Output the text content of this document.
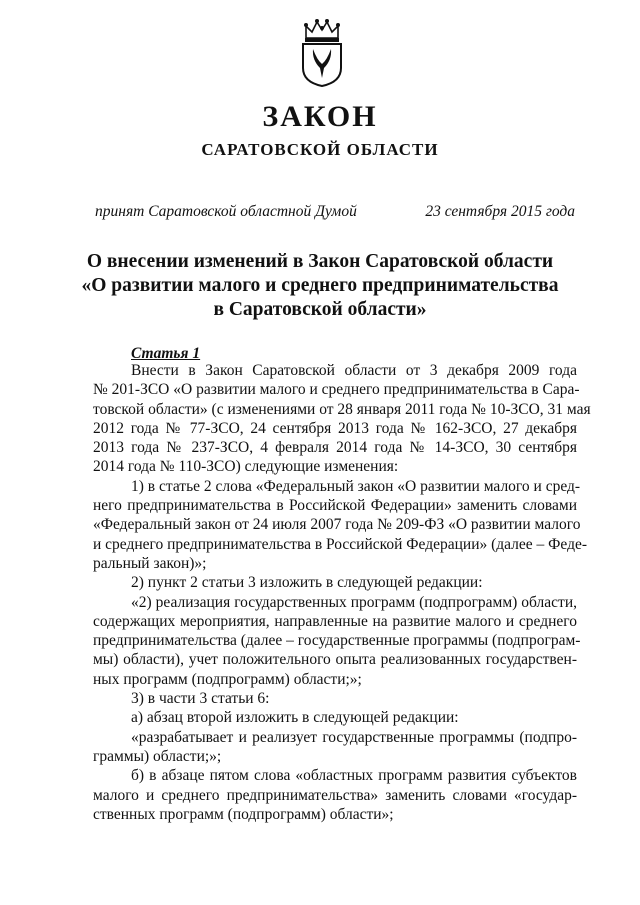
ЗАКОН
САРАТОВСКОЙ ОБЛАСТИ
принят Саратовской областной Думой	23 сентября 2015 года
О внесении изменений в Закон Саратовской области
«О развитии малого и среднего предпринимательства
в Саратовской области»
Статья 1
Внести в Закон Саратовской области от 3 декабря 2009 года
№ 201-ЗСО «О развитии малого и среднего предпринимательства в Сара-
товской области» (с изменениями от 28 января 2011 года № 10-ЗСО, 31 мая
2012 года № 77-ЗСО, 24 сентября 2013 года № 162-ЗСО, 27 декабря
2013 года № 237-ЗСО, 4 февраля 2014 года № 14-ЗСО, 30 сентября
2014 года № 110-ЗСО) следующие изменения:
1) в статье 2 слова «Федеральный закон «О развитии малого и сред-
него предпринимательства в Российской Федерации» заменить словами
«Федеральный закон от 24 июля 2007 года № 209-ФЗ «О развитии малого
и среднего предпринимательства в Российской Федерации» (далее – Феде-
ральный закон)»;
2) пункт 2 статьи 3 изложить в следующей редакции:
«2) реализация государственных программ (подпрограмм) области,
содержащих мероприятия, направленные на развитие малого и среднего
предпринимательства (далее – государственные программы (подпрограм-
мы) области), учет положительного опыта реализованных государствен-
ных программ (подпрограмм) области;»;
3) в части 3 статьи 6:
а) абзац второй изложить в следующей редакции:
«разрабатывает и реализует государственные программы (подпро-
граммы) области;»;
б) в абзаце пятом слова «областных программ развития субъектов
малого и среднего предпринимательства» заменить словами «государ-
ственных программ (подпрограмм) области»;
